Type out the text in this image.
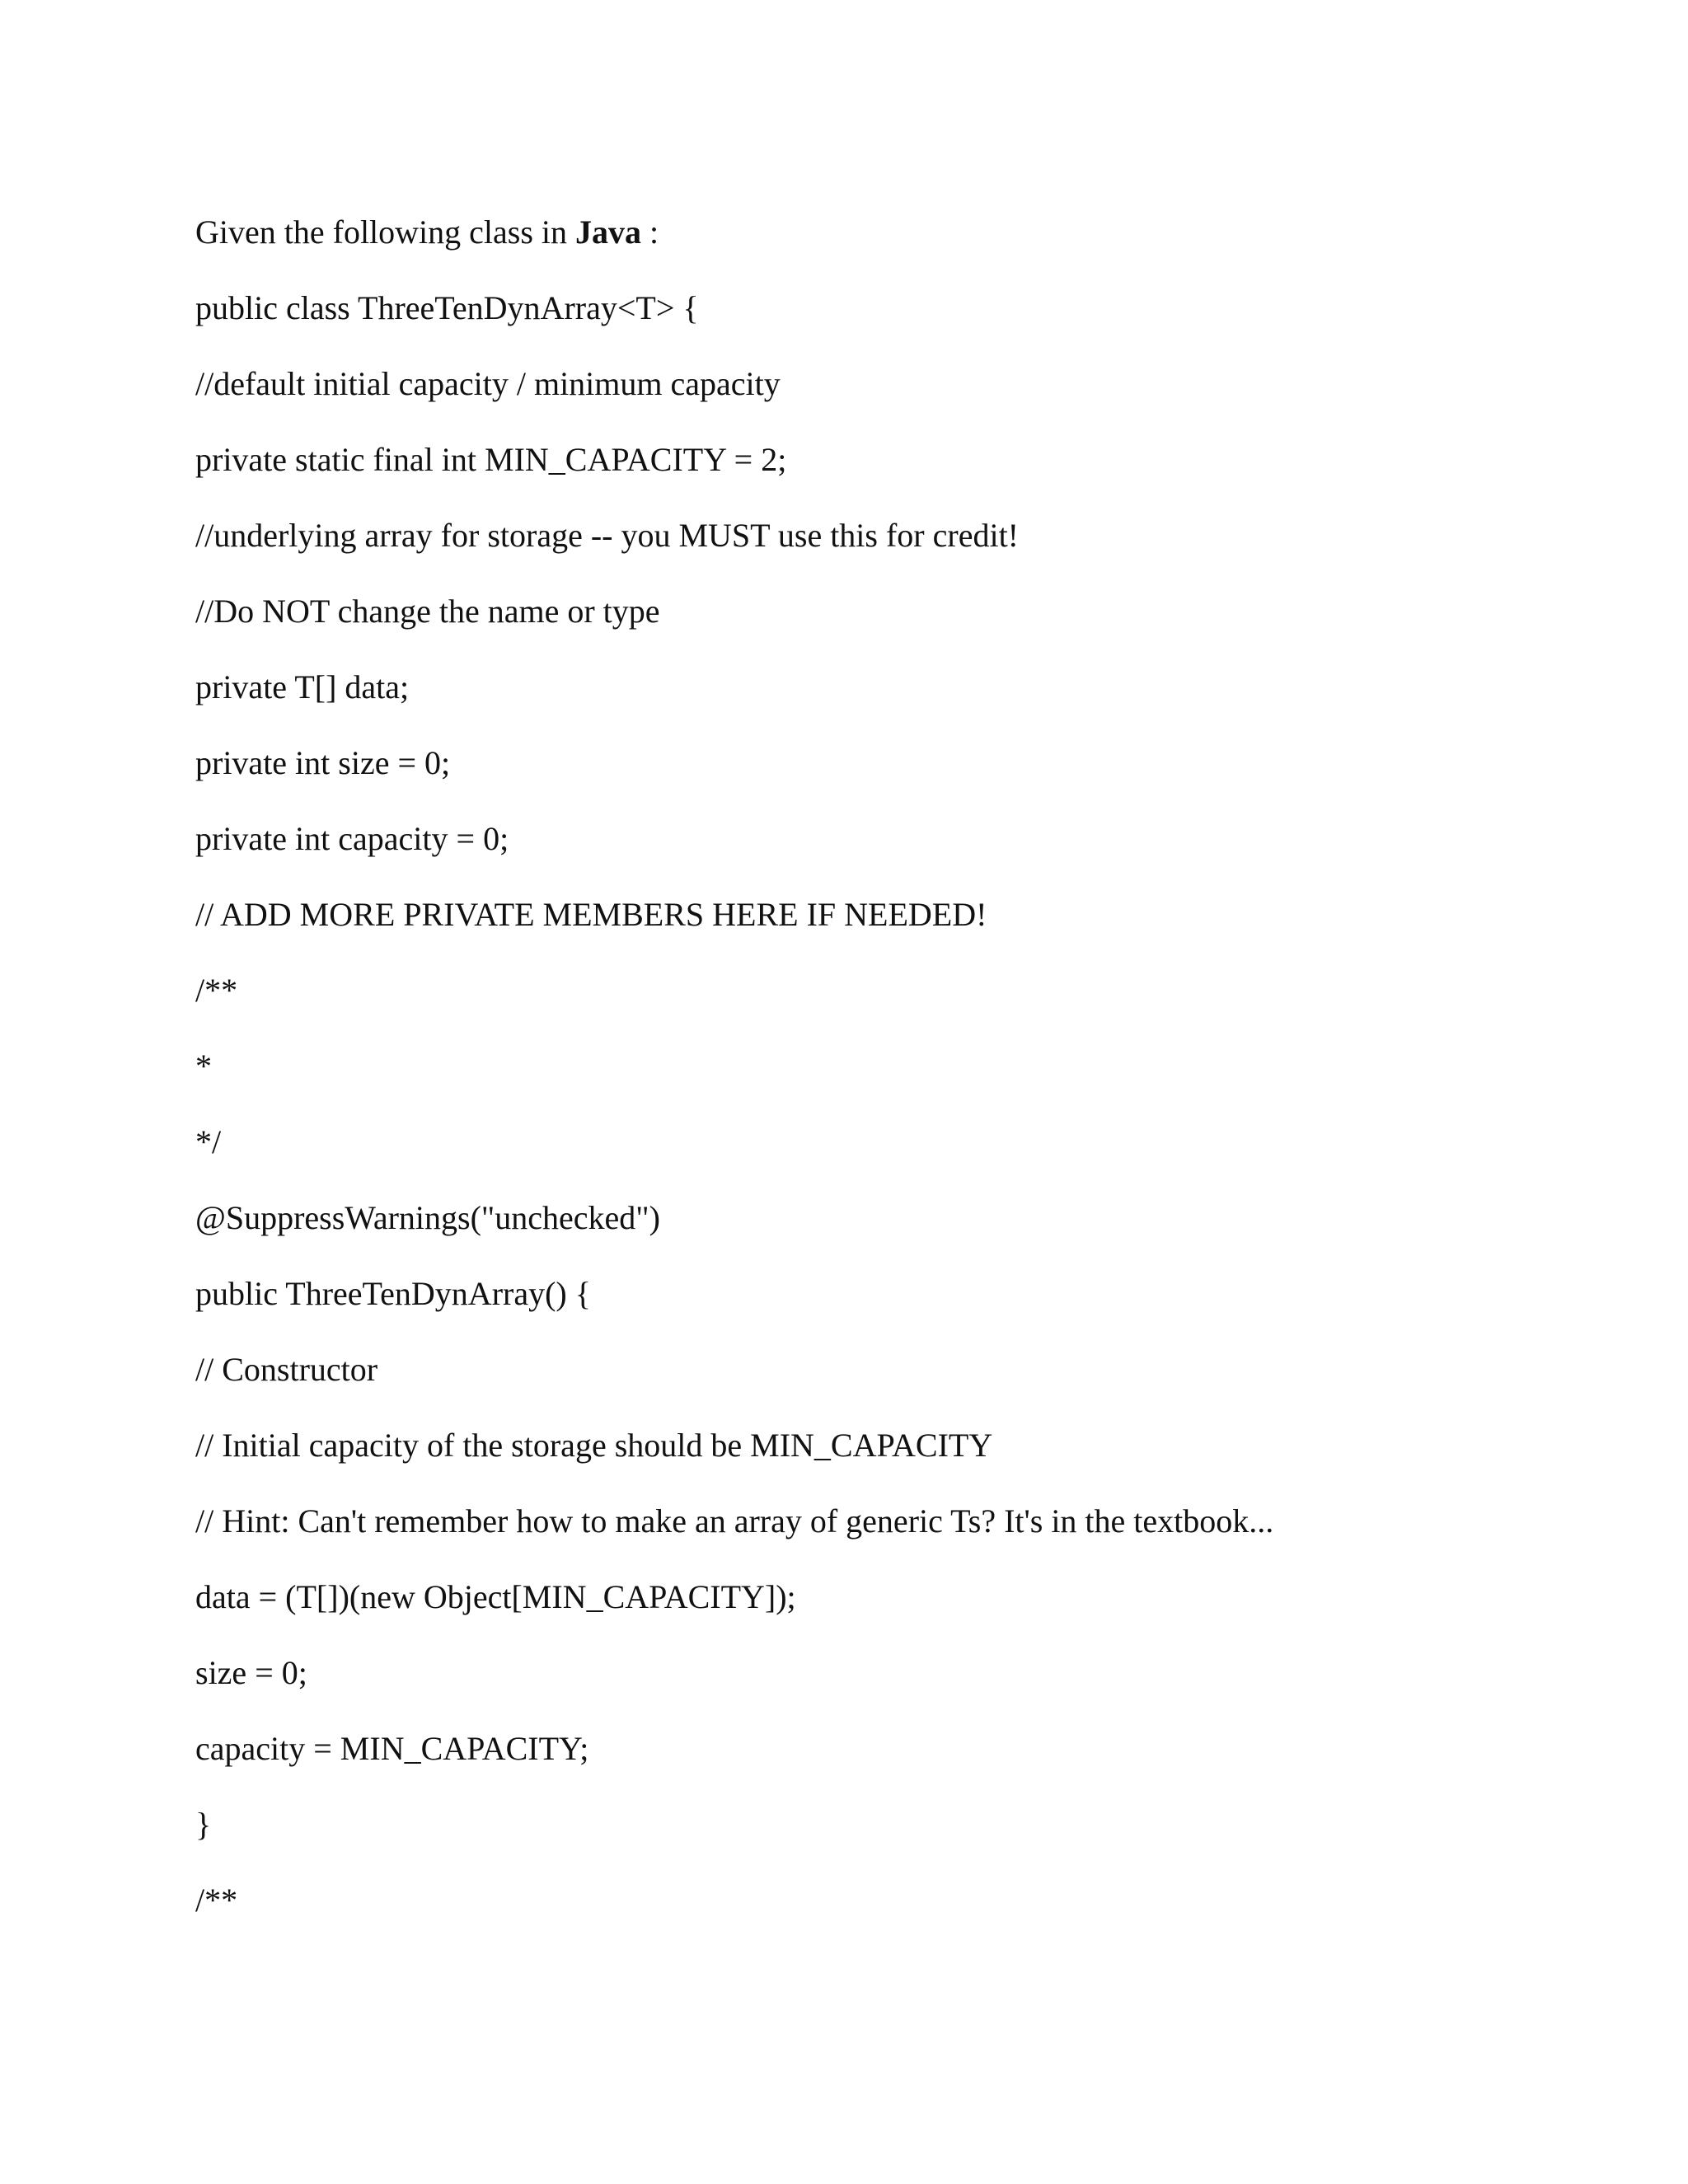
Given the following class in Java :

public class ThreeTenDynArray<T> {

//default initial capacity / minimum capacity

private static final int MIN_CAPACITY = 2;

//underlying array for storage -- you MUST use this for credit!

//Do NOT change the name or type

private T[] data;

private int size = 0;

private int capacity = 0;

// ADD MORE PRIVATE MEMBERS HERE IF NEEDED!

/**

*

*/

@SuppressWarnings("unchecked")

public ThreeTenDynArray() {

// Constructor

// Initial capacity of the storage should be MIN_CAPACITY

// Hint: Can't remember how to make an array of generic Ts? It's in the textbook...

data = (T[])(new Object[MIN_CAPACITY]);

size = 0;

capacity = MIN_CAPACITY;

}

/**
